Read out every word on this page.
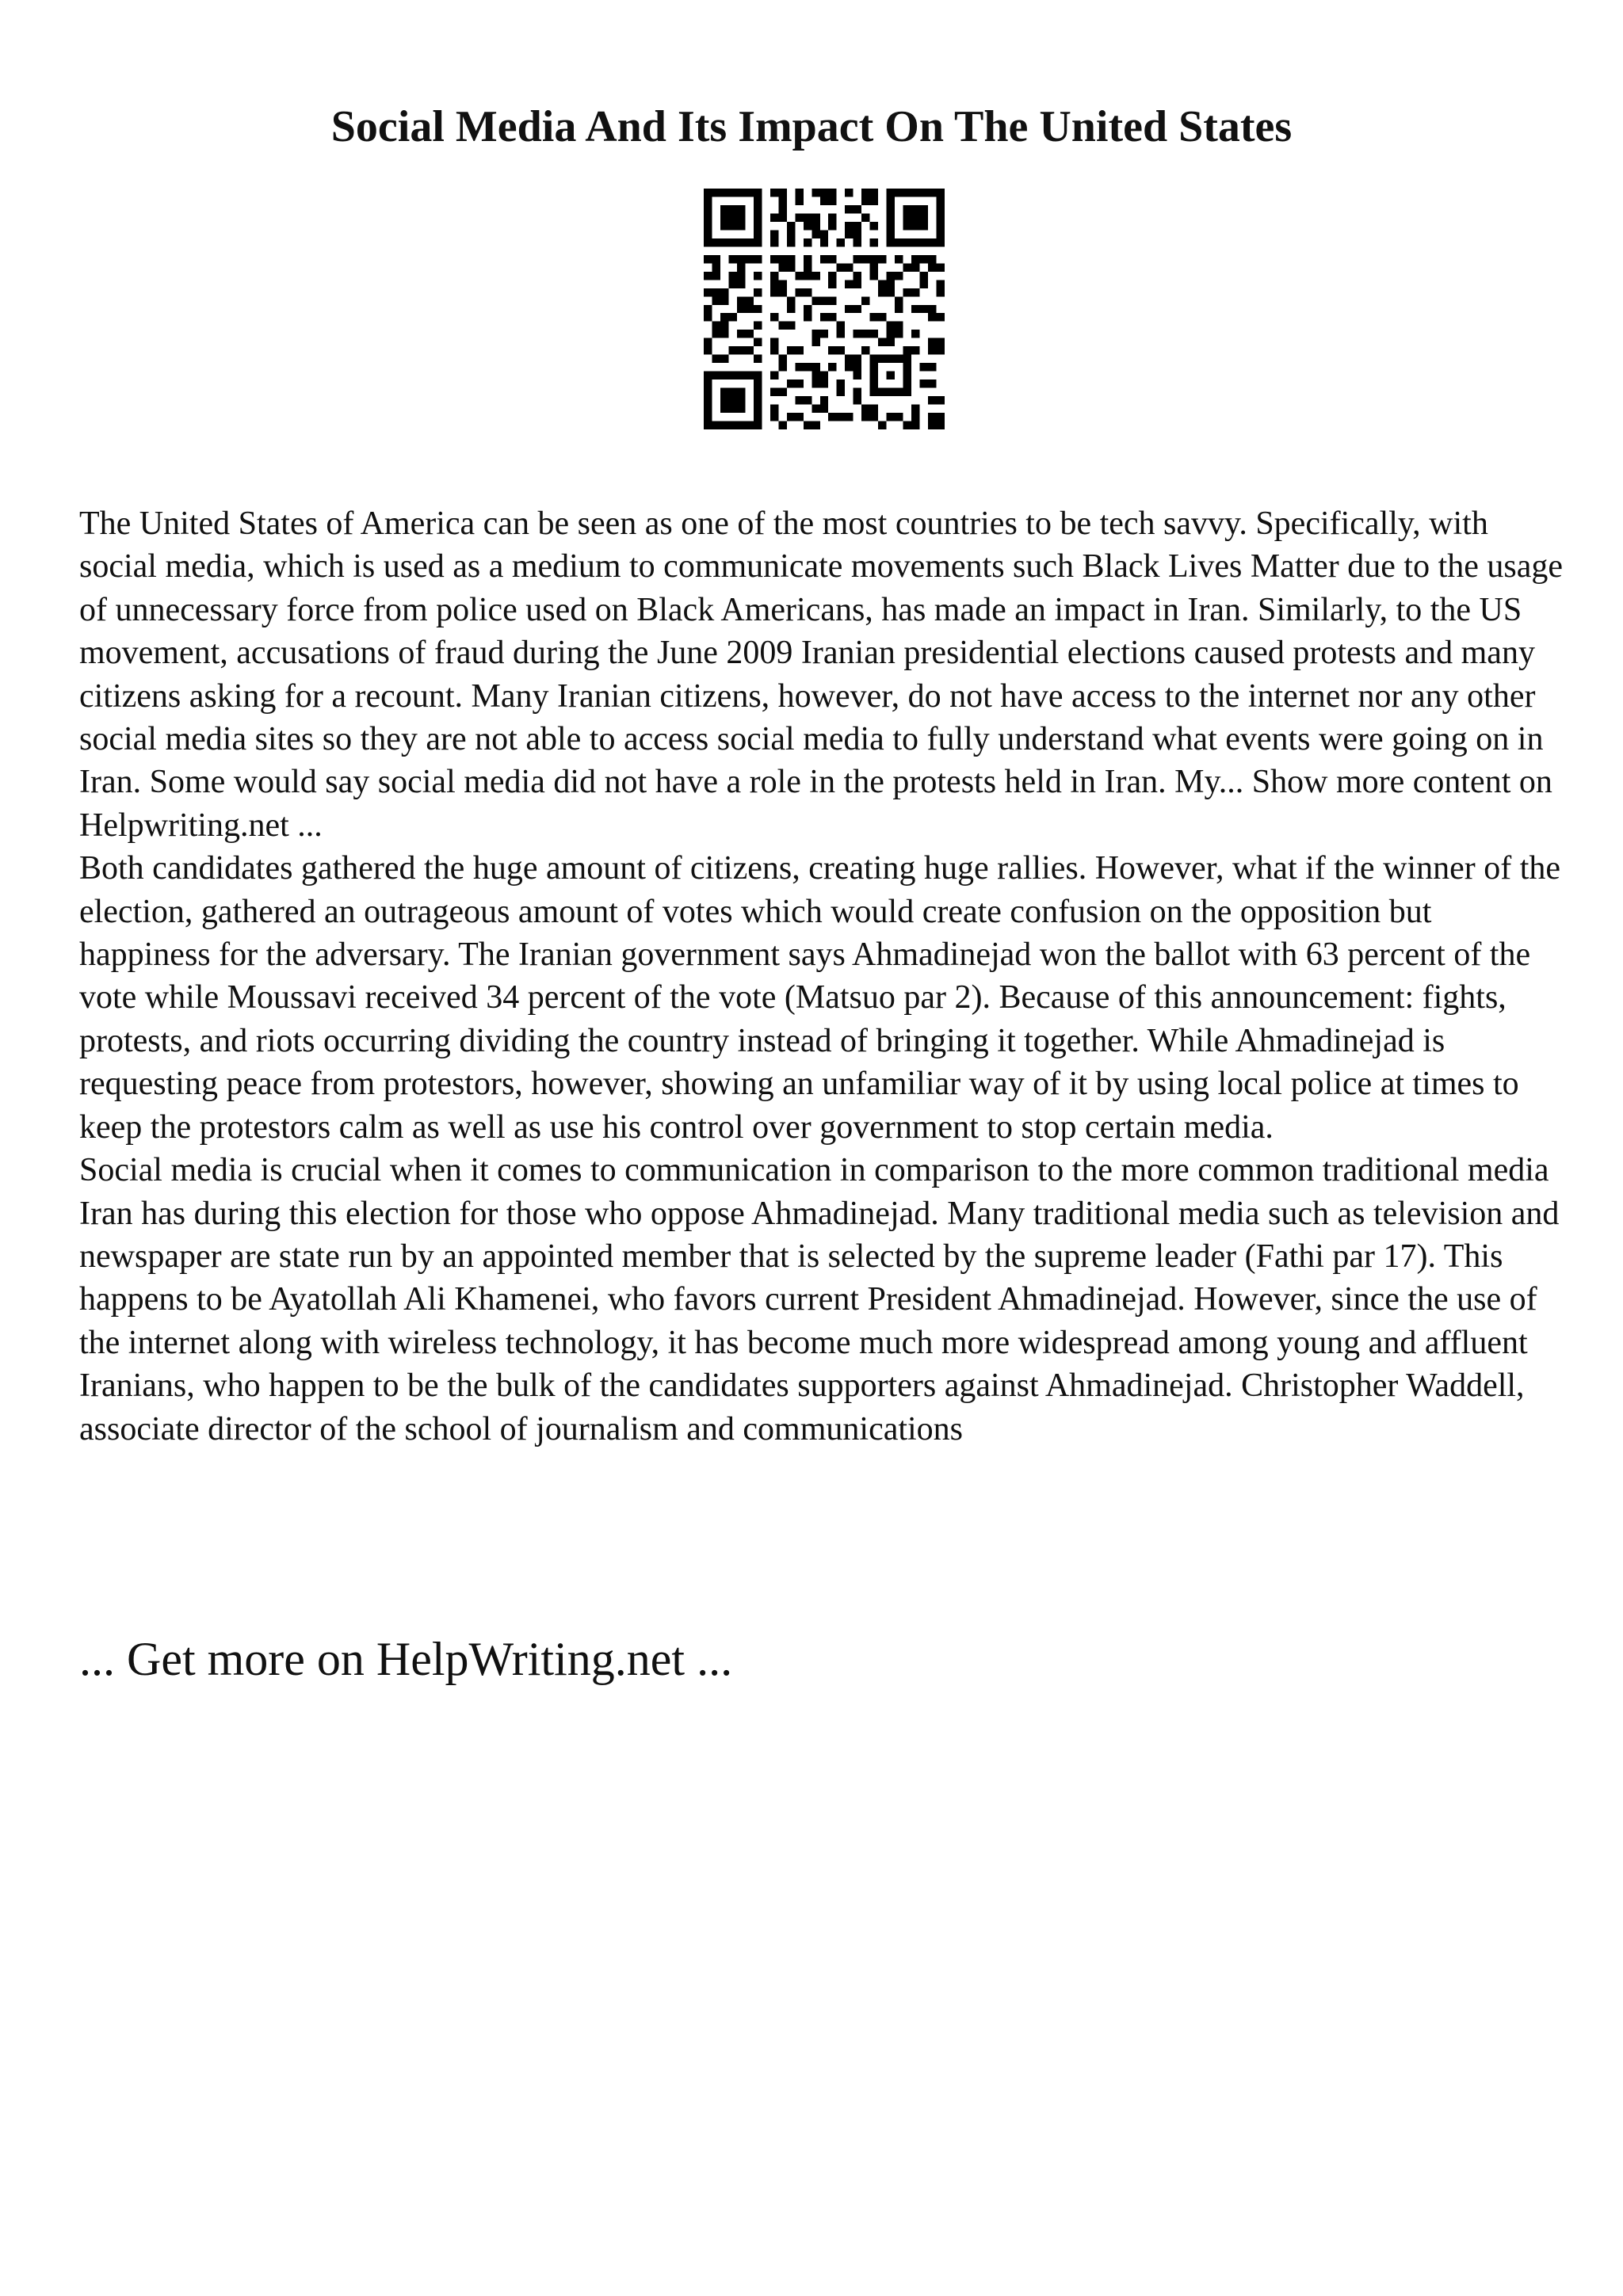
Social Media And Its Impact On The United States

The United States of America can be seen as one of the most countries to be tech savvy. Specifically, with social media, which is used as a medium to communicate movements such Black Lives Matter due to the usage of unnecessary force from police used on Black Americans, has made an impact in Iran. Similarly, to the US movement, accusations of fraud during the June 2009 Iranian presidential elections caused protests and many citizens asking for a recount. Many Iranian citizens, however, do not have access to the internet nor any other social media sites so they are not able to access social media to fully understand what events were going on in Iran. Some would say social media did not have a role in the protests held in Iran. My... Show more content on Helpwriting.net ...

Both candidates gathered the huge amount of citizens, creating huge rallies. However, what if the winner of the election, gathered an outrageous amount of votes which would create confusion on the opposition but happiness for the adversary. The Iranian government says Ahmadinejad won the ballot with 63 percent of the vote while Moussavi received 34 percent of the vote (Matsuo par 2). Because of this announcement: fights, protests, and riots occurring dividing the country instead of bringing it together. While Ahmadinejad is requesting peace from protestors, however, showing an unfamiliar way of it by using local police at times to keep the protestors calm as well as use his control over government to stop certain media.

Social media is crucial when it comes to communication in comparison to the more common traditional media Iran has during this election for those who oppose Ahmadinejad. Many traditional media such as television and newspaper are state run by an appointed member that is selected by the supreme leader (Fathi par 17). This happens to be Ayatollah Ali Khamenei, who favors current President Ahmadinejad. However, since the use of the internet along with wireless technology, it has become much more widespread among young and affluent Iranians, who happen to be the bulk of the candidates supporters against Ahmadinejad. Christopher Waddell, associate director of the school of journalism and communications

... Get more on HelpWriting.net ...
